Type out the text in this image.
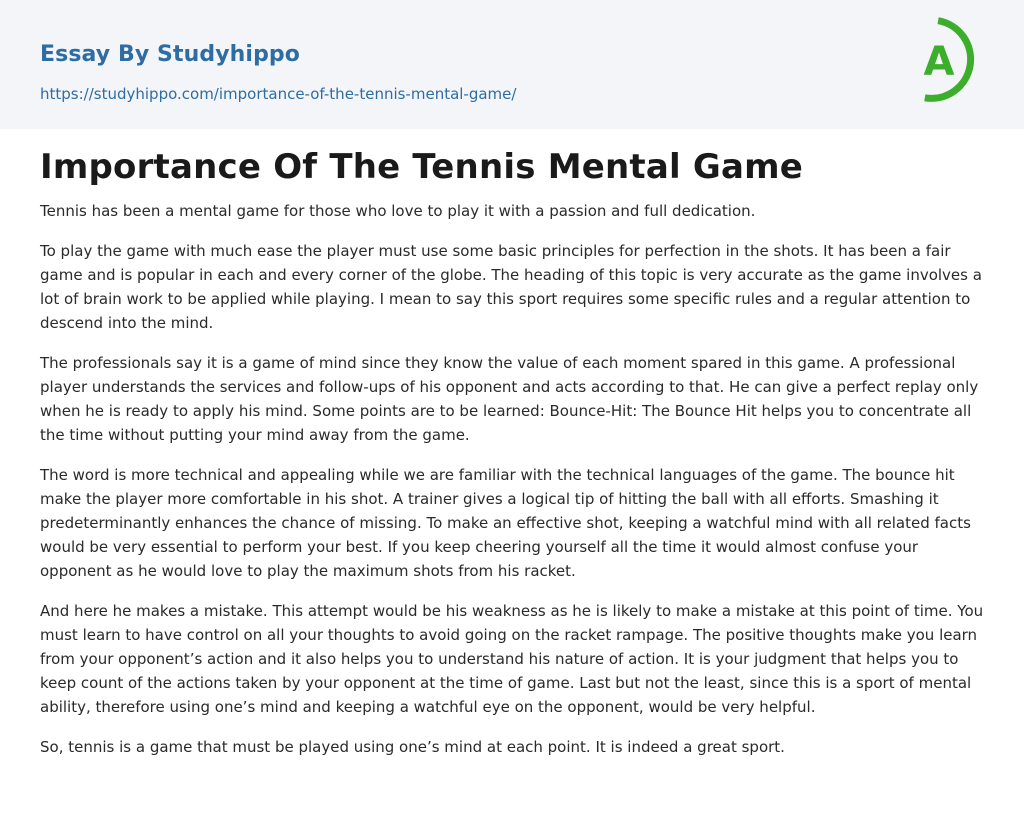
Essay By Studyhippo
https://studyhippo.com/importance-of-the-tennis-mental-game/
A
Importance Of The Tennis Mental Game

Tennis has been a mental game for those who love to play it with a passion and full dedication.

To play the game with much ease the player must use some basic principles for perfection in the shots. It has been a fair game and is popular in each and every corner of the globe. The heading of this topic is very accurate as the game involves a lot of brain work to be applied while playing. I mean to say this sport requires some specific rules and a regular attention to descend into the mind.

The professionals say it is a game of mind since they know the value of each moment spared in this game. A professional player understands the services and follow-ups of his opponent and acts according to that. He can give a perfect replay only when he is ready to apply his mind. Some points are to be learned: Bounce-Hit: The Bounce Hit helps you to concentrate all the time without putting your mind away from the game.

The word is more technical and appealing while we are familiar with the technical languages of the game. The bounce hit make the player more comfortable in his shot. A trainer gives a logical tip of hitting the ball with all efforts. Smashing it predeterminantly enhances the chance of missing. To make an effective shot, keeping a watchful mind with all related facts would be very essential to perform your best. If you keep cheering yourself all the time it would almost confuse your opponent as he would love to play the maximum shots from his racket.

And here he makes a mistake. This attempt would be his weakness as he is likely to make a mistake at this point of time. You must learn to have control on all your thoughts to avoid going on the racket rampage. The positive thoughts make you learn from your opponent’s action and it also helps you to understand his nature of action. It is your judgment that helps you to keep count of the actions taken by your opponent at the time of game. Last but not the least, since this is a sport of mental ability, therefore using one’s mind and keeping a watchful eye on the opponent, would be very helpful.

So, tennis is a game that must be played using one’s mind at each point. It is indeed a great sport.
